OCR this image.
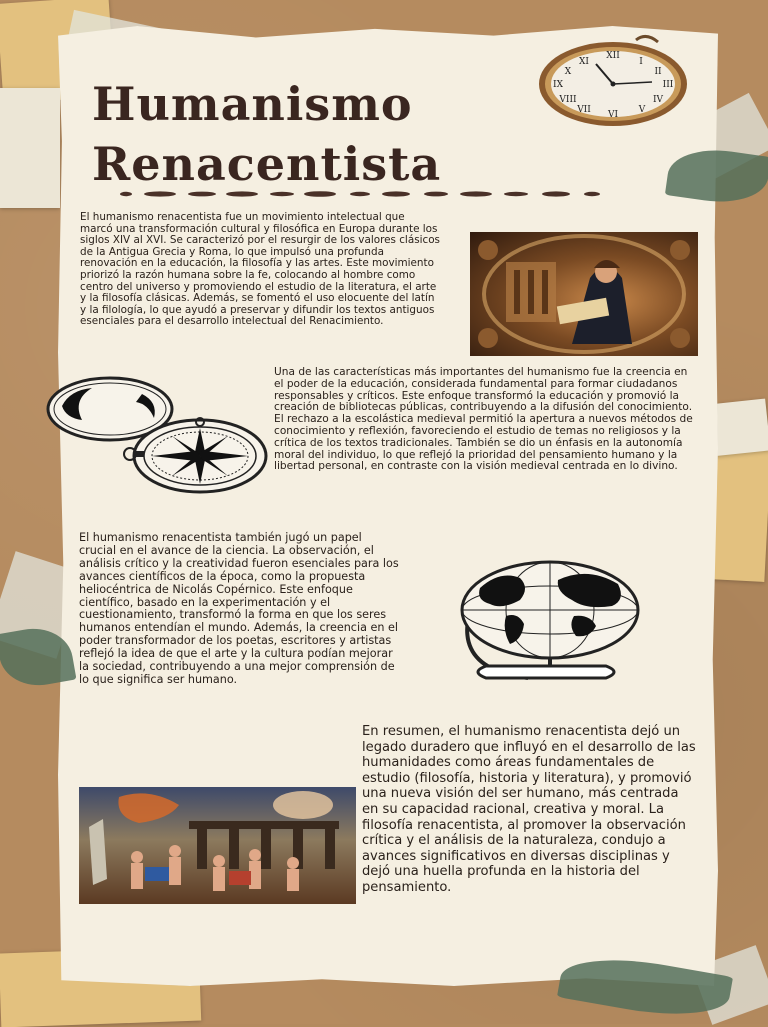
Humanismo
Renacentista
XII
VI
IX	III
I
II
IV
V
VII
VIII
X
XI

El humanismo renacentista fue un movimiento intelectual que marcó una transformación cultural y filosófica en Europa durante los siglos XIV al XVI. Se caracterizó por el resurgir de los valores clásicos de la Antigua Grecia y Roma, lo que impulsó una profunda renovación en la educación, la filosofía y las artes. Este movimiento priorizó la razón humana sobre la fe, colocando al hombre como centro del universo y promoviendo el estudio de la literatura, el arte y la filosofía clásicas. Además, se fomentó el uso elocuente del latín y la filología, lo que ayudó a preservar y difundir los textos antiguos esenciales para el desarrollo intelectual del Renacimiento.

Una de las características más importantes del humanismo fue la creencia en el poder de la educación, considerada fundamental para formar ciudadanos responsables y críticos. Este enfoque transformó la educación y promovió la creación de bibliotecas públicas, contribuyendo a la difusión del conocimiento. El rechazo a la escolástica medieval permitió la apertura a nuevos métodos de conocimiento y reflexión, favoreciendo el estudio de temas no religiosos y la crítica de los textos tradicionales. También se dio un énfasis en la autonomía moral del individuo, lo que reflejó la prioridad del pensamiento humano y la libertad personal, en contraste con la visión medieval centrada en lo divino.

El humanismo renacentista también jugó un papel crucial en el avance de la ciencia. La observación, el análisis crítico y la creatividad fueron esenciales para los avances científicos de la época, como la propuesta heliocéntrica de Nicolás Copérnico. Este enfoque científico, basado en la experimentación y el cuestionamiento, transformó la forma en que los seres humanos entendían el mundo. Además, la creencia en el poder transformador de los poetas, escritores y artistas reflejó la idea de que el arte y la cultura podían mejorar la sociedad, contribuyendo a una mejor comprensión de lo que significa ser humano.

En resumen, el humanismo renacentista dejó un legado duradero que influyó en el desarrollo de las humanidades como áreas fundamentales de estudio (filosofía, historia y literatura), y promovió una nueva visión del ser humano, más centrada en su capacidad racional, creativa y moral. La filosofía renacentista, al promover la observación crítica y el análisis de la naturaleza, condujo a avances significativos en diversas disciplinas y dejó una huella profunda en la historia del pensamiento.
